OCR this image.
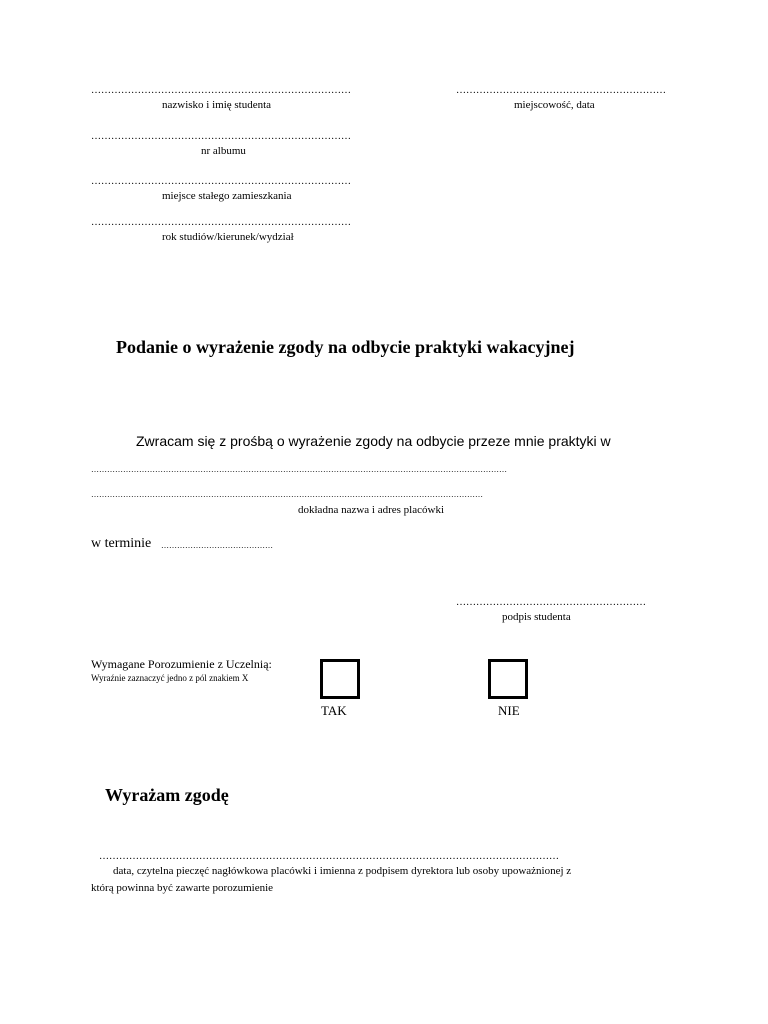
……………………………………………………………………
nazwisko i imię studenta
……………………………………………………………………
nr albumu
……………………………………………………………………
miejsce stałego zamieszkania
……………………………………………………………………
rok studiów/kierunek/wydział
………………………………………………………
miejscowość, data
Podanie o wyrażenie zgody na odbycie praktyki wakacyjnej
Zwracam się z prośbą o wyrażenie zgody na odbycie przeze mnie praktyki w
…………………………………………………………………………………………………………………………………………
…………………………………………………………………………………………………………………………………
dokładna nazwa i adres placówki
w terminie ……………………………………
…………………………………………………
podpis studenta
Wymagane Porozumienie z Uczelnią:
Wyraźnie zaznaczyć jedno z pól znakiem X
TAK	NIE
Wyrażam zgodę
…………………………………………………………………………………………………………………………
data, czytelna pieczęć nagłówkowa placówki i imienna z podpisem dyrektora lub osoby upoważnionej z
którą powinna być zawarte porozumienie
